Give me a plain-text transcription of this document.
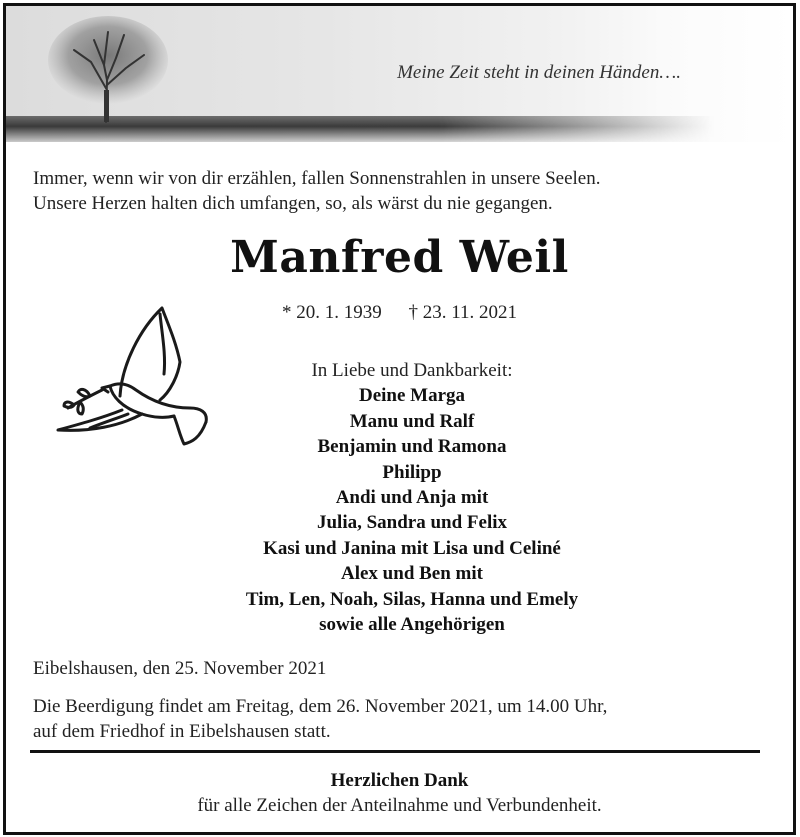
Meine Zeit steht in deinen Händen….
Immer, wenn wir von dir erzählen, fallen Sonnenstrahlen in unsere Seelen.
Unsere Herzen halten dich umfangen, so, als wärst du nie gegangen.
Manfred Weil
* 20. 1. 1939 † 23. 11. 2021
In Liebe und Dankbarkeit:
Deine Marga
Manu und Ralf
Benjamin und Ramona
Philipp
Andi und Anja mit
Julia, Sandra und Felix
Kasi und Janina mit Lisa und Celiné
Alex und Ben mit
Tim, Len, Noah, Silas, Hanna und Emely
sowie alle Angehörigen
Eibelshausen, den 25. November 2021
Die Beerdigung findet am Freitag, dem 26. November 2021, um 14.00 Uhr,
auf dem Friedhof in Eibelshausen statt.
Herzlichen Dank
für alle Zeichen der Anteilnahme und Verbundenheit.
